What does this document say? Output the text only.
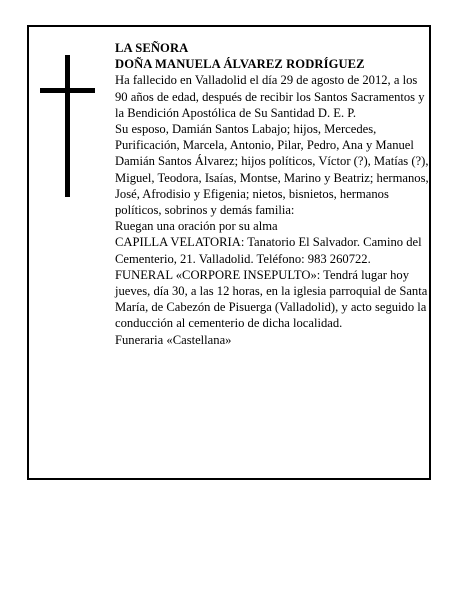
LA SEÑORA

DOÑA MANUELA ÁLVAREZ RODRÍGUEZ

Ha fallecido en Valladolid el día 29 de agosto de 2012, a los 90 años de edad, después de recibir los Santos Sacramentos y la Bendición Apostólica de Su Santidad D. E. P.

Su esposo, Damián Santos Labajo; hijos, Mercedes, Purificación, Marcela, Antonio, Pilar, Pedro, Ana y Manuel Damián Santos Álvarez; hijos políticos, Víctor (?), Matías (?), Miguel, Teodora, Isaías, Montse, Marino y Beatriz; hermanos, José, Afrodisio y Efigenia; nietos, bisnietos, hermanos políticos, sobrinos y demás familia:

Ruegan una oración por su alma

CAPILLA VELATORIA: Tanatorio El Salvador. Camino del Cementerio, 21. Valladolid. Teléfono: 983 260722.

FUNERAL «CORPORE INSEPULTO»: Tendrá lugar hoy jueves, día 30, a las 12 horas, en la iglesia parroquial de Santa María, de Cabezón de Pisuerga (Valladolid), y acto seguido la conducción al cementerio de dicha localidad.

Funeraria «Castellana»
